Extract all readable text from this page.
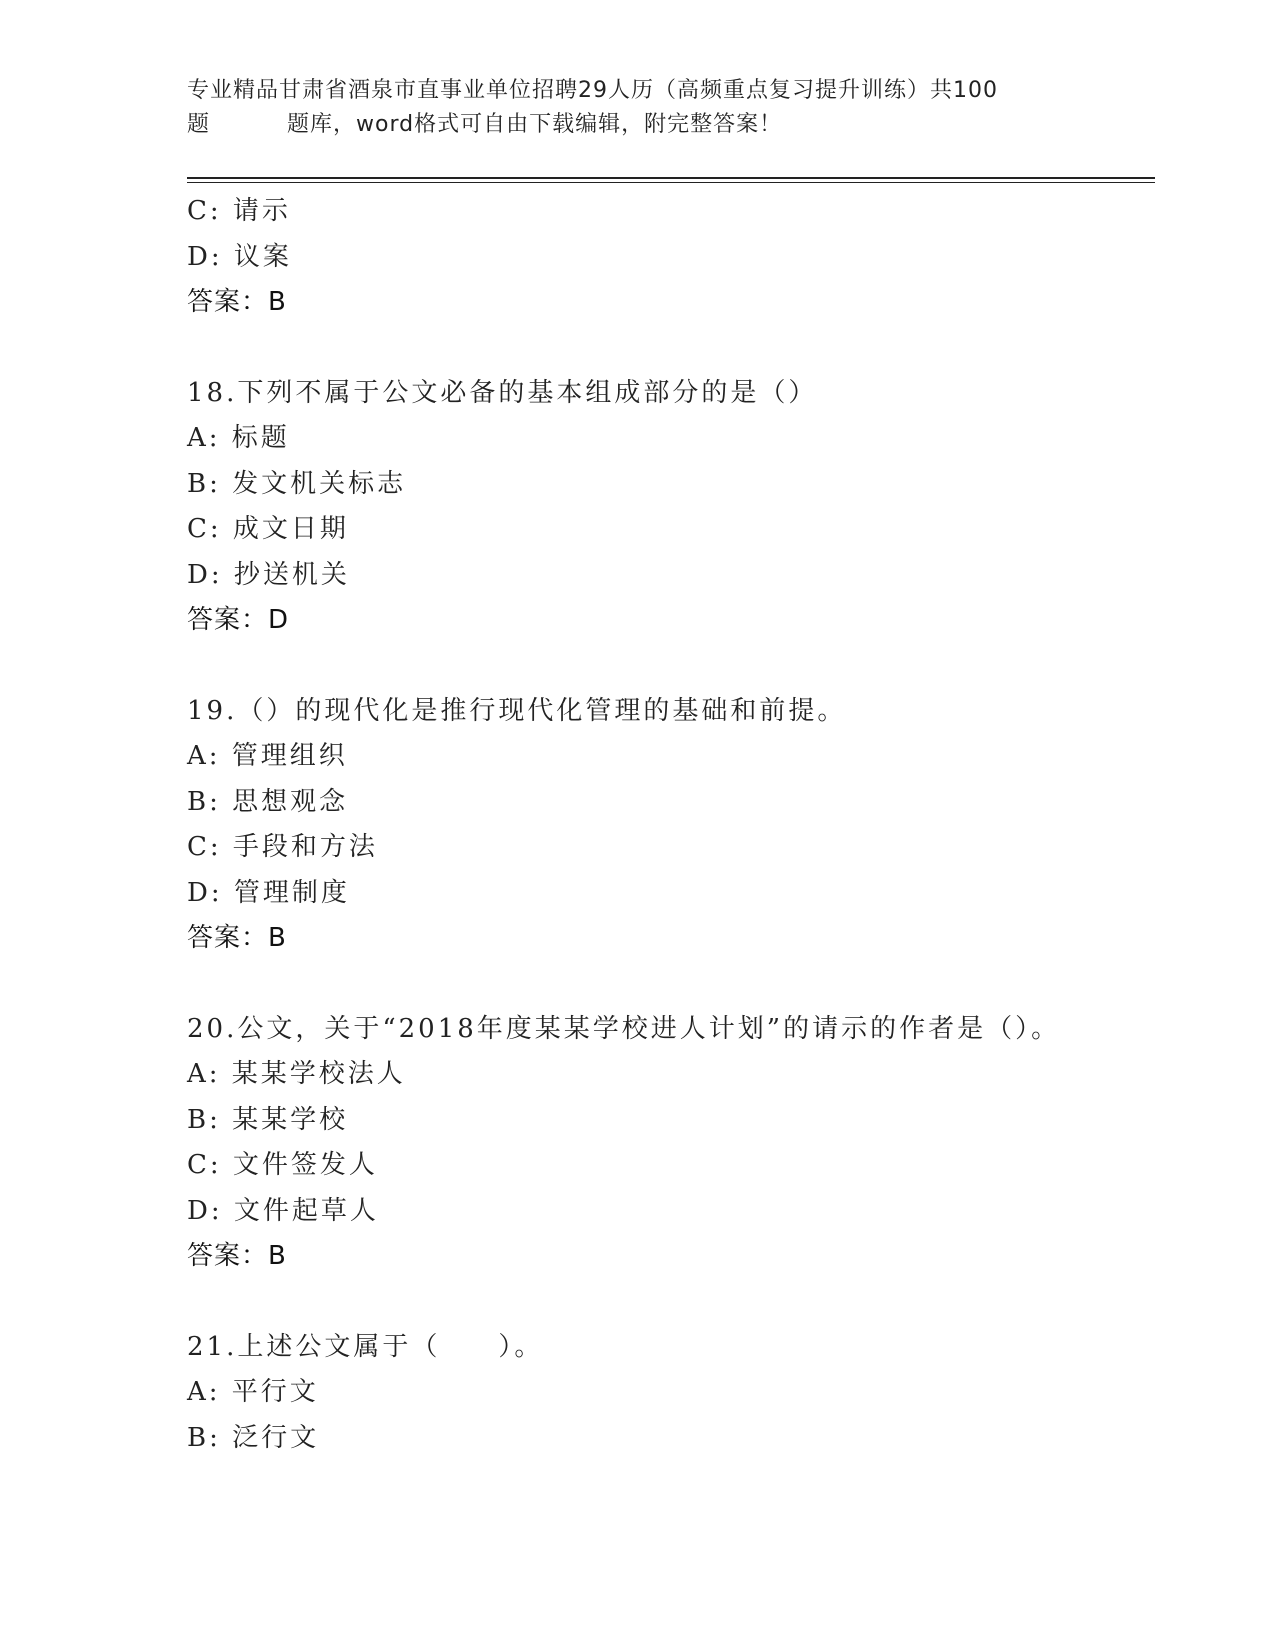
专业精品甘肃省酒泉市直事业单位招聘29人历（高频重点复习提升训练）共100
题	题库，word格式可自由下载编辑，附完整答案！
C: 请示
D: 议案
答案：B
18.下列不属于公文必备的基本组成部分的是（）
A: 标题
B: 发文机关标志
C: 成文日期
D: 抄送机关
答案：D
19.（）的现代化是推行现代化管理的基础和前提。
A: 管理组织
B: 思想观念
C: 手段和方法
D: 管理制度
答案：B
20.公文，关于“2018年度某某学校进人计划”的请示的作者是（）。
A: 某某学校法人
B: 某某学校
C: 文件签发人
D: 文件起草人
答案：B
21.上述公文属于（　　）。
A: 平行文
B: 泛行文
